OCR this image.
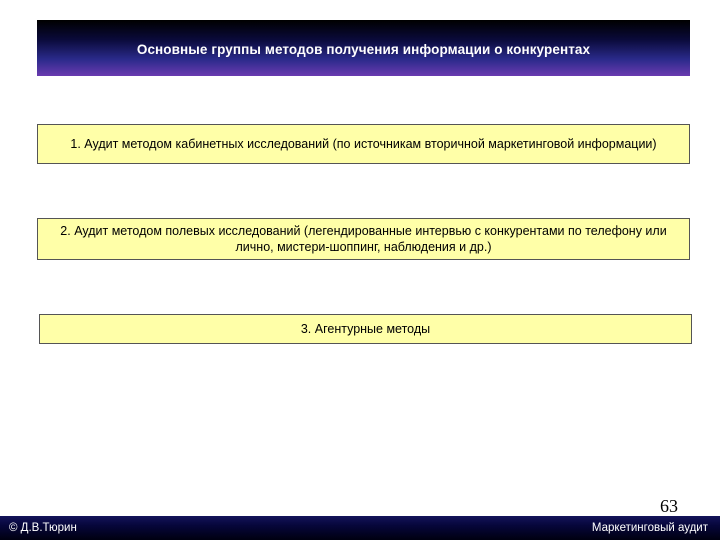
Основные группы методов получения информации о конкурентах
1. Аудит методом кабинетных исследований (по источникам вторичной маркетинговой информации)
2. Аудит методом полевых исследований (легендированные интервью с конкурентами по телефону или лично, мистери-шоппинг, наблюдения и др.)
3. Агентурные методы
63
© Д.В.Тюрин	Маркетинговый аудит
